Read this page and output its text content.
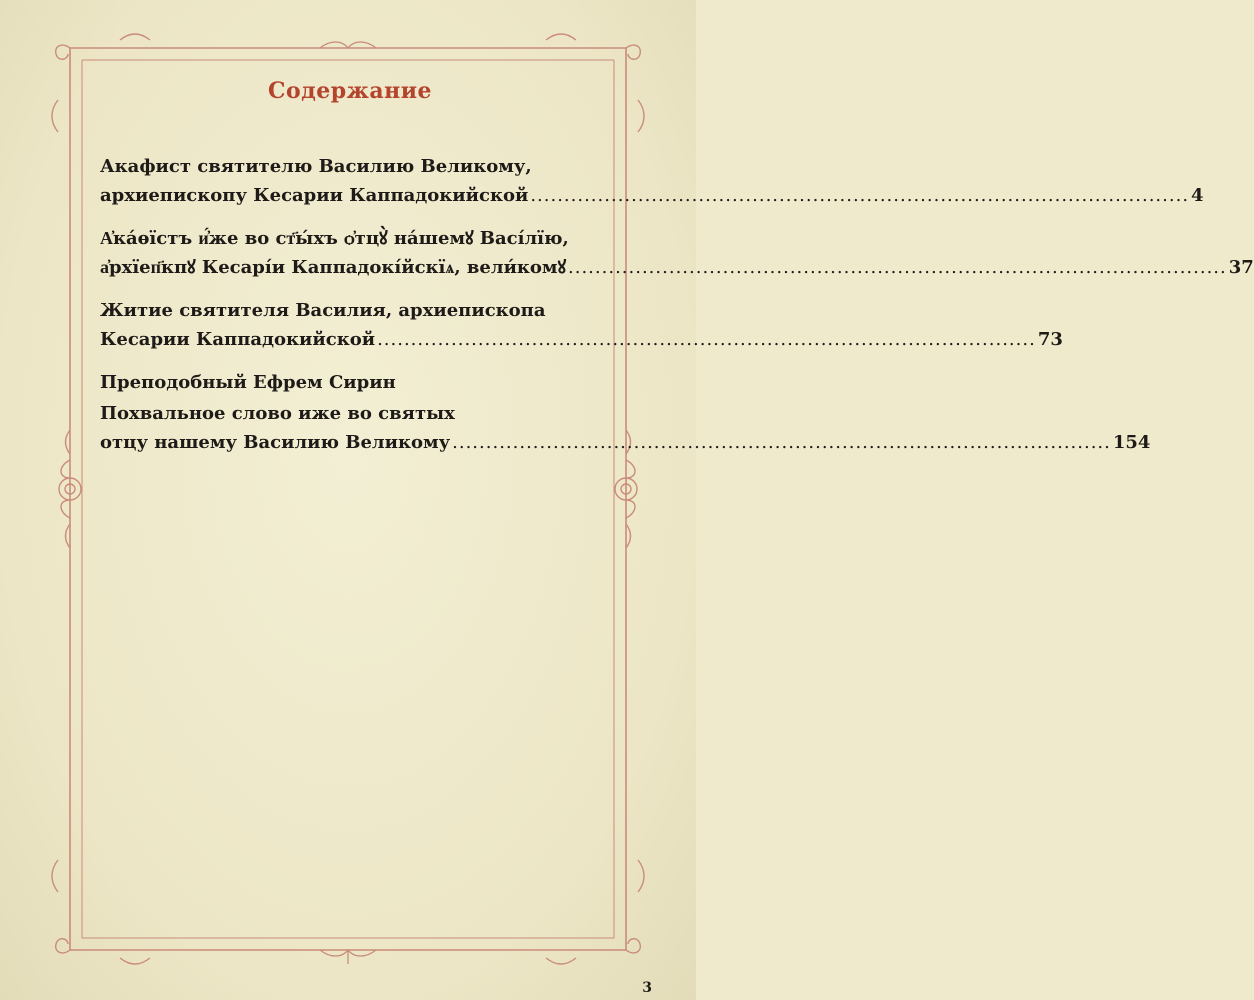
Содержание
Акафист святителю Василию Великому,
архиепископу Кесарии Каппадокийской .................................................................................................. 4
А҆ка́ѳїстъ и҆́же во ст҃ы́хъ ѻ҆тцꙋ̀ на́шемꙋ Васі́лїю,
а҆рхїеп҃кпꙋ Кесарі́и Каппадокі́йскїѧ, вели́комꙋ .................................................................................................. 37
Житие святителя Василия, архиепископа
Кесарии Каппадокийской .................................................................................................. 73
Преподобный Ефрем Сирин
Похвальное слово иже во святых
отцу нашему Василию Великому .................................................................................................. 154
3
